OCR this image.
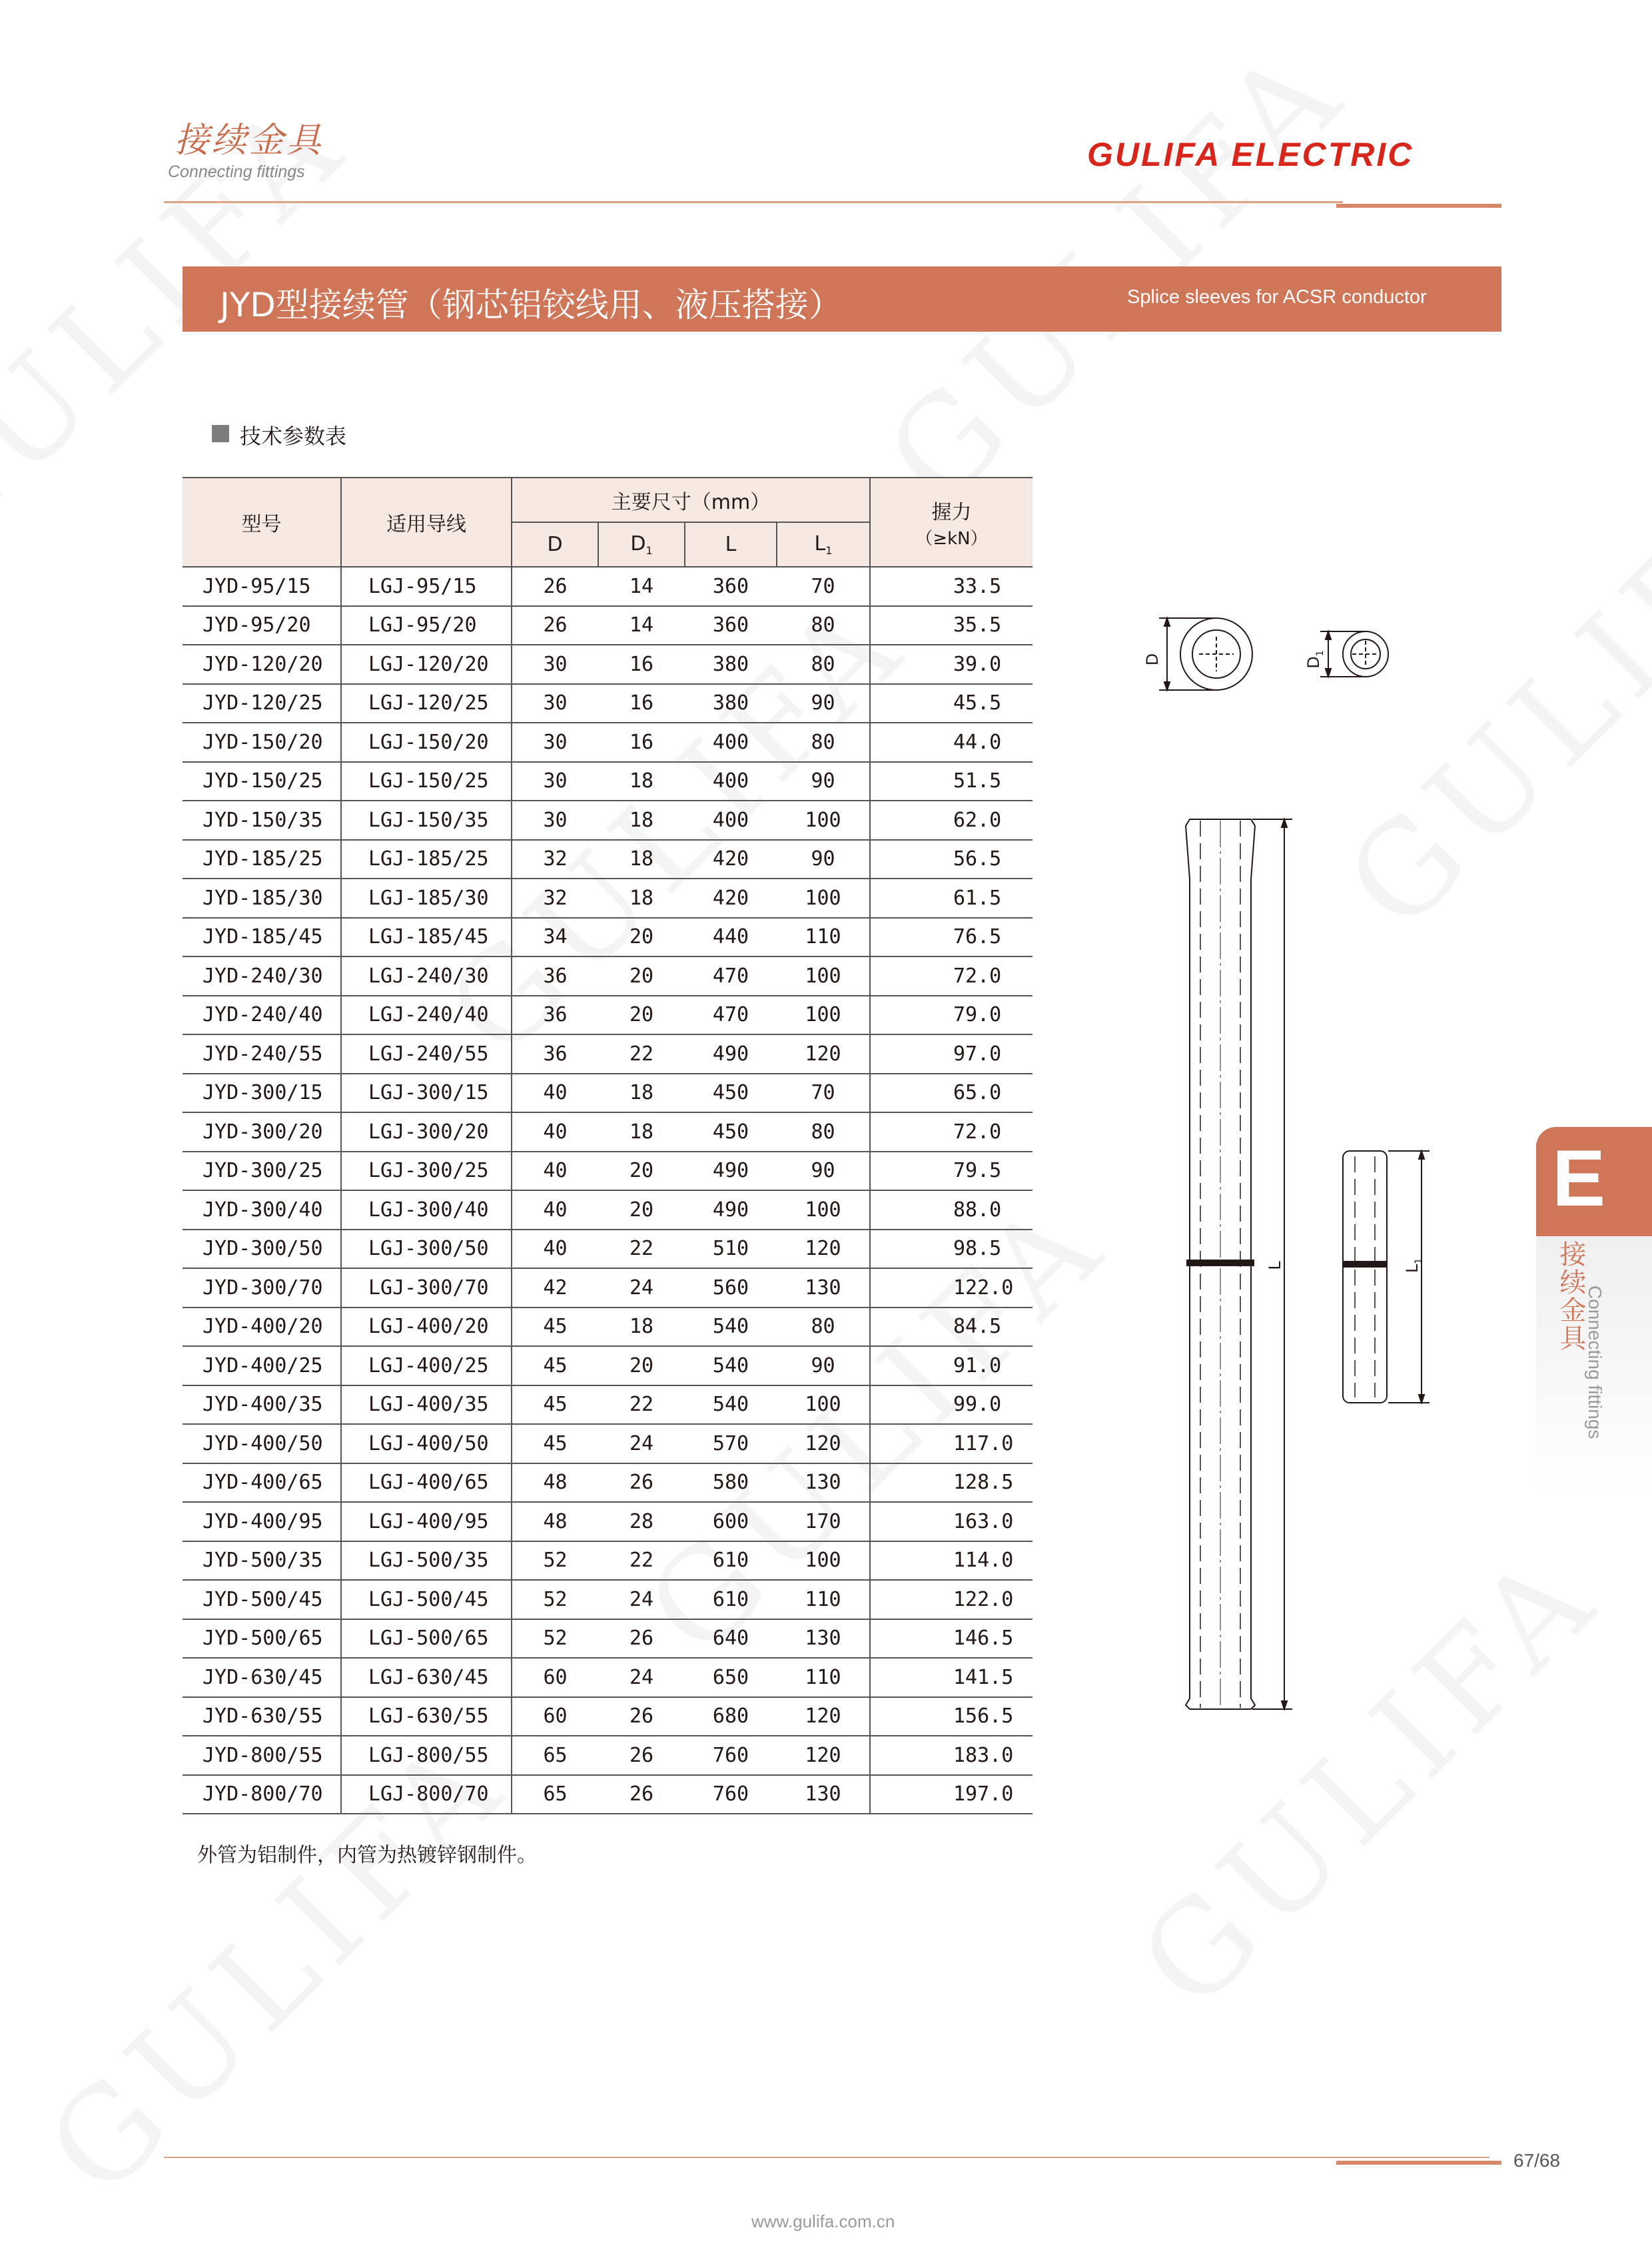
接续金具
Connecting fittings	GULIFA ELECTRIC
JYD型接续管（钢芯铝铰线用、液压搭接）	Splice sleeves for ACSR conductor
技术参数表
型号	适用导线	主要尺寸（mm）				握力
（≥kN）

		D	$D_1$	L	$L_1$
JYD-95/15	LGJ-95/15	26	14	360	70	33.5
JYD-95/20	LGJ-95/20	26	14	360	80	35.5
JYD-120/20	LGJ-120/20	30	16	380	80	39.0
JYD-120/25	LGJ-120/25	30	16	380	90	45.5
JYD-150/20	LGJ-150/20	30	16	400	80	44.0
JYD-150/25	LGJ-150/25	30	18	400	90	51.5
JYD-150/35	LGJ-150/35	30	18	400	100	62.0
JYD-185/25	LGJ-185/25	32	18	420	90	56.5
JYD-185/30	LGJ-185/30	32	18	420	100	61.5
JYD-185/45	LGJ-185/45	34	20	440	110	76.5
JYD-240/30	LGJ-240/30	36	20	470	100	72.0
JYD-240/40	LGJ-240/40	36	20	470	100	79.0
JYD-240/55	LGJ-240/55	36	22	490	120	97.0
JYD-300/15	LGJ-300/15	40	18	450	70	65.0
JYD-300/20	LGJ-300/20	40	18	450	80	72.0
JYD-300/25	LGJ-300/25	40	20	490	90	79.5
JYD-300/40	LGJ-300/40	40	20	490	100	88.0
JYD-300/50	LGJ-300/50	40	22	510	120	98.5
JYD-300/70	LGJ-300/70	42	24	560	130	122.0
JYD-400/20	LGJ-400/20	45	18	540	80	84.5
JYD-400/25	LGJ-400/25	45	20	540	90	91.0
JYD-400/35	LGJ-400/35	45	22	540	100	99.0
JYD-400/50	LGJ-400/50	45	24	570	120	117.0
JYD-400/65	LGJ-400/65	48	26	580	130	128.5
JYD-400/95	LGJ-400/95	48	28	600	170	163.0
JYD-500/35	LGJ-500/35	52	22	610	100	114.0
JYD-500/45	LGJ-500/45	52	24	610	110	122.0
JYD-500/65	LGJ-500/65	52	26	640	130	146.5
JYD-630/45	LGJ-630/45	60	24	650	110	141.5
JYD-630/55	LGJ-630/55	60	26	680	120	156.5
JYD-800/55	LGJ-800/55	65	26	760	120	183.0
JYD-800/70	LGJ-800/70	65	26	760	130	197.0
外管为铝制件，内管为热镀锌钢制件。
D	$D_1$
L	$L_1$
E
接续金具
Connecting fittings
67/68
www.gulifa.com.cn
